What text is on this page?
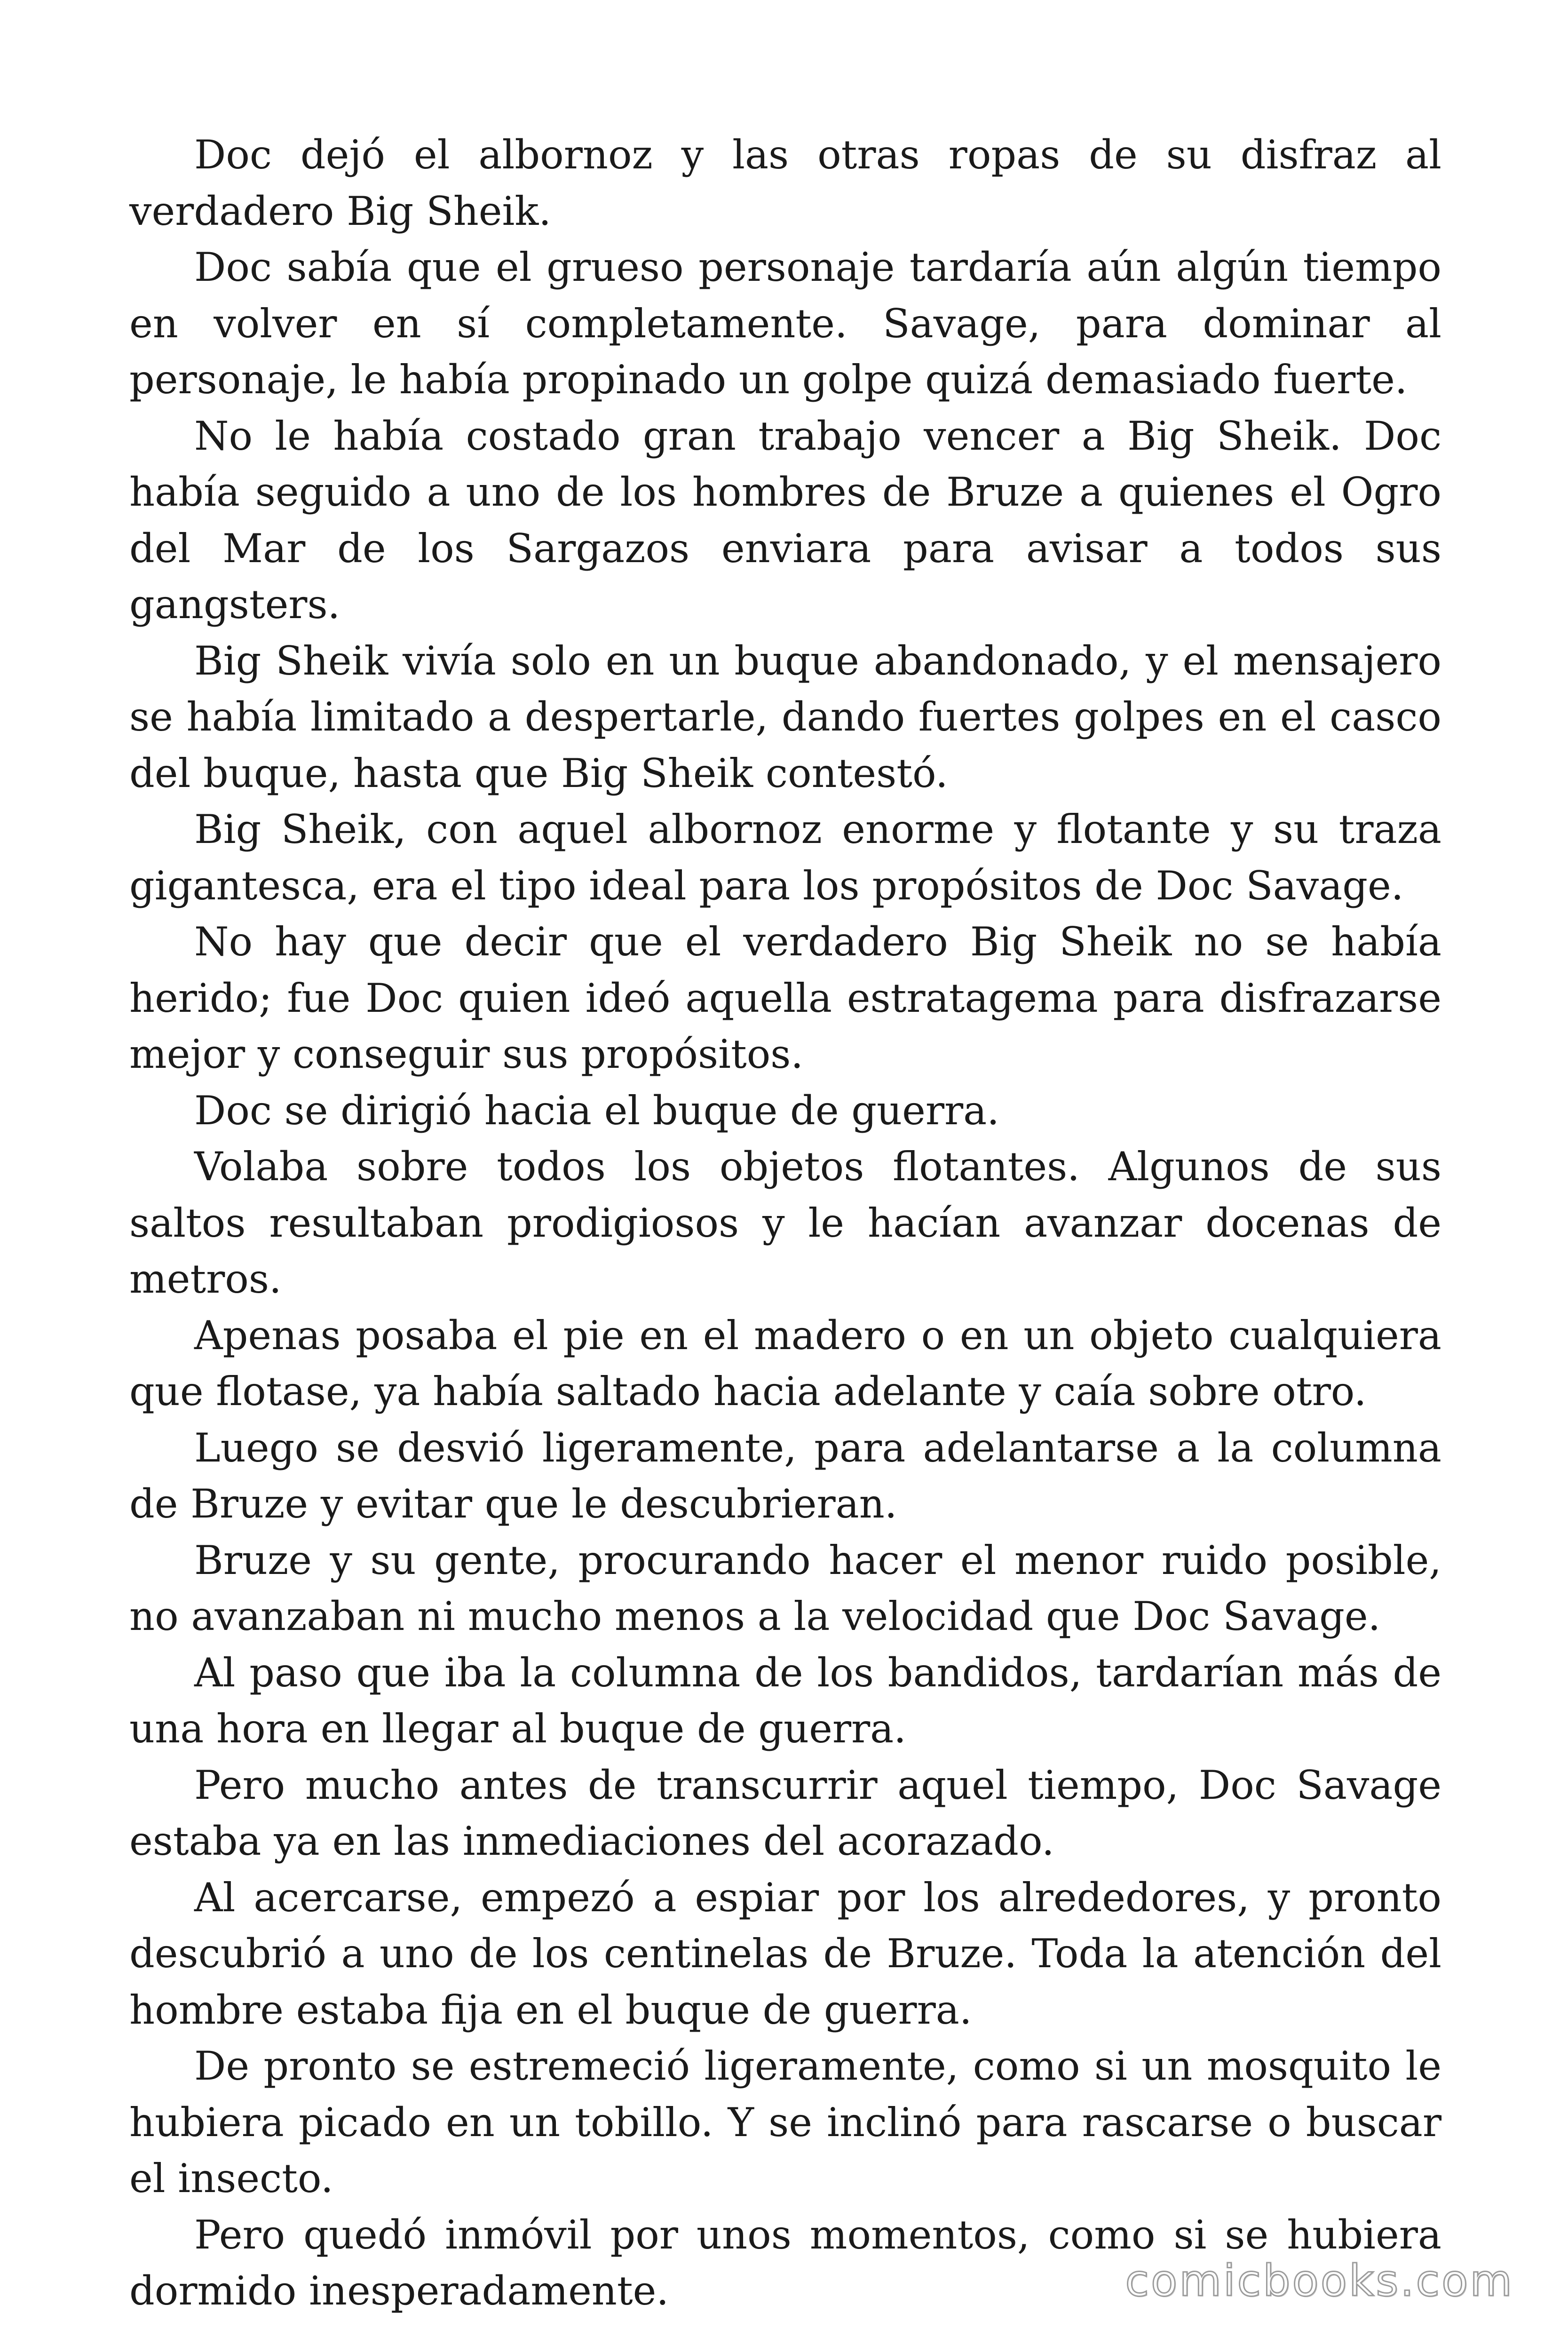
Doc dejó el albornoz y las otras ropas de su disfraz al verdadero Big Sheik.

Doc sabía que el grueso personaje tardaría aún algún tiempo en volver en sí completamente. Savage, para dominar al personaje, le había propinado un golpe quizá demasiado fuerte.

No le había costado gran trabajo vencer a Big Sheik. Doc había seguido a uno de los hombres de Bruze a quienes el Ogro del Mar de los Sargazos enviara para avisar a todos sus gangsters.

Big Sheik vivía solo en un buque abandonado, y el mensajero se había limitado a despertarle, dando fuertes golpes en el casco del buque, hasta que Big Sheik contestó.

Big Sheik, con aquel albornoz enorme y flotante y su traza gigantesca, era el tipo ideal para los propósitos de Doc Savage.

No hay que decir que el verdadero Big Sheik no se había herido; fue Doc quien ideó aquella estratagema para disfrazarse mejor y conseguir sus propósitos.

Doc se dirigió hacia el buque de guerra.

Volaba sobre todos los objetos flotantes. Algunos de sus saltos resultaban prodigiosos y le hacían avanzar docenas de metros.

Apenas posaba el pie en el madero o en un objeto cualquiera que flotase, ya había saltado hacia adelante y caía sobre otro.

Luego se desvió ligeramente, para adelantarse a la columna de Bruze y evitar que le descubrieran.

Bruze y su gente, procurando hacer el menor ruido posible, no avanzaban ni mucho menos a la velocidad que Doc Savage.

Al paso que iba la columna de los bandidos, tardarían más de una hora en llegar al buque de guerra.

Pero mucho antes de transcurrir aquel tiempo, Doc Savage estaba ya en las inmediaciones del acorazado.

Al acercarse, empezó a espiar por los alrededores, y pronto descubrió a uno de los centinelas de Bruze. Toda la atención del hombre estaba fija en el buque de guerra.

De pronto se estremeció ligeramente, como si un mosquito le hubiera picado en un tobillo. Y se inclinó para rascarse o buscar el insecto.

Pero quedó inmóvil por unos momentos, como si se hubiera dormido inesperadamente.	comicbooks.com
